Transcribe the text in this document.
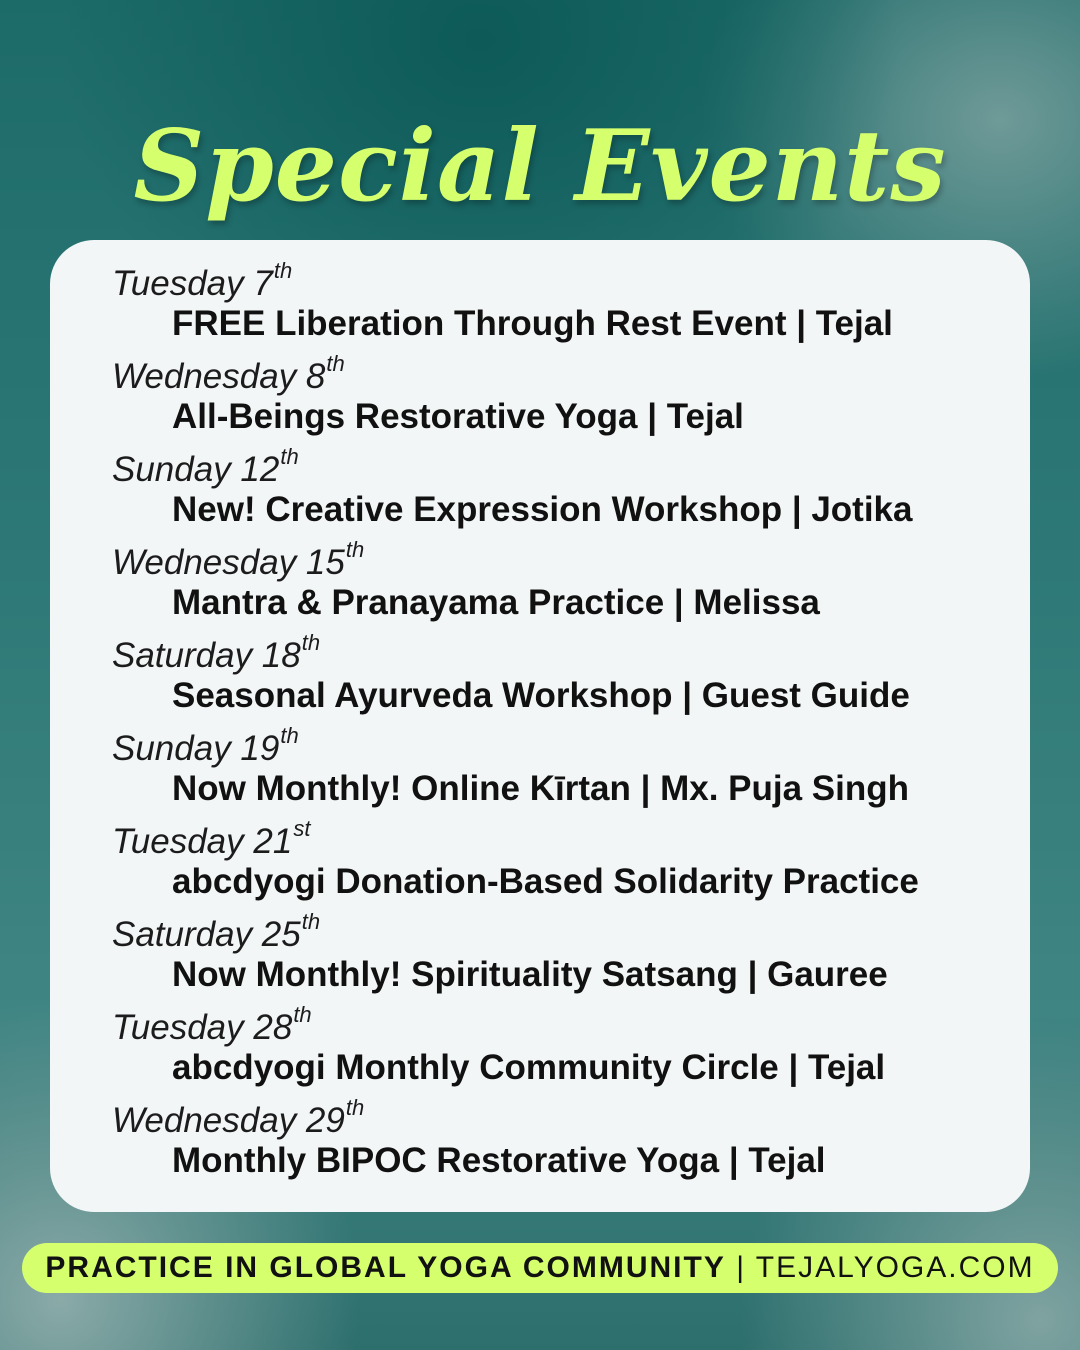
Special Events
Tuesday 7th
FREE Liberation Through Rest Event | Tejal
Wednesday 8th
All-Beings Restorative Yoga | Tejal
Sunday 12th
New! Creative Expression Workshop | Jotika
Wednesday 15th
Mantra & Pranayama Practice | Melissa
Saturday 18th
Seasonal Ayurveda Workshop | Guest Guide
Sunday 19th
Now Monthly! Online Kīrtan | Mx. Puja Singh
Tuesday 21st
abcdyogi Donation-Based Solidarity Practice
Saturday 25th
Now Monthly! Spirituality Satsang | Gauree
Tuesday 28th
abcdyogi Monthly Community Circle | Tejal
Wednesday 29th
Monthly BIPOC Restorative Yoga | Tejal
PRACTICE IN GLOBAL YOGA COMMUNITY | TEJALYOGA.COM
